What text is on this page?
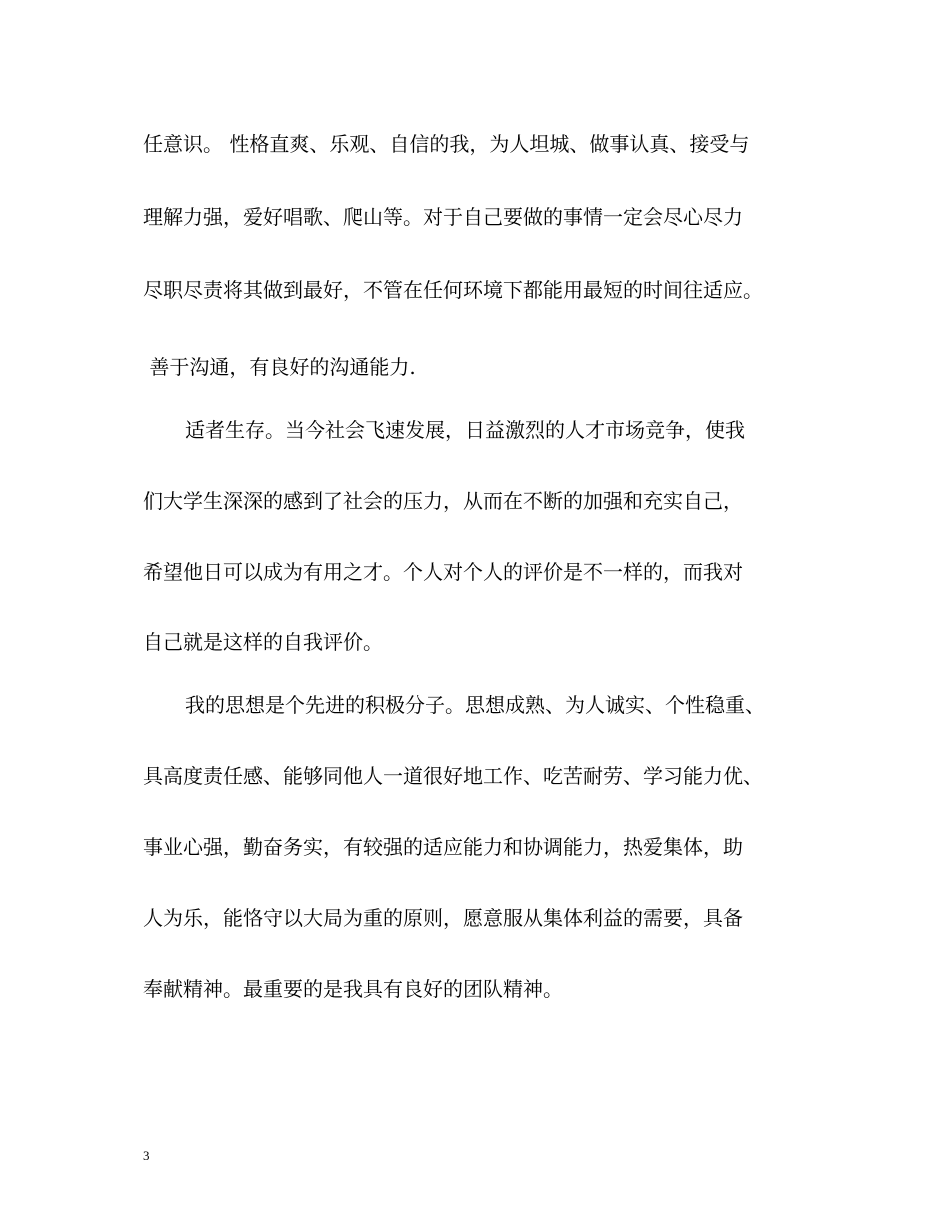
任意识。 性格直爽、乐观、自信的我，为人坦城、做事认真、接受与
理解力强，爱好唱歌、爬山等。对于自己要做的事情一定会尽心尽力
尽职尽责将其做到最好，不管在任何环境下都能用最短的时间往适应。
善于沟通，有良好的沟通能力.
适者生存。当今社会飞速发展，日益激烈的人才市场竞争，使我
们大学生深深的感到了社会的压力，从而在不断的加强和充实自己，
希望他日可以成为有用之才。个人对个人的评价是不一样的，而我对
自己就是这样的自我评价。
我的思想是个先进的积极分子。思想成熟、为人诚实、个性稳重、
具高度责任感、能够同他人一道很好地工作、吃苦耐劳、学习能力优、
事业心强，勤奋务实，有较强的适应能力和协调能力，热爱集体，助
人为乐，能恪守以大局为重的原则，愿意服从集体利益的需要，具备
奉献精神。最重要的是我具有良好的团队精神。
3
